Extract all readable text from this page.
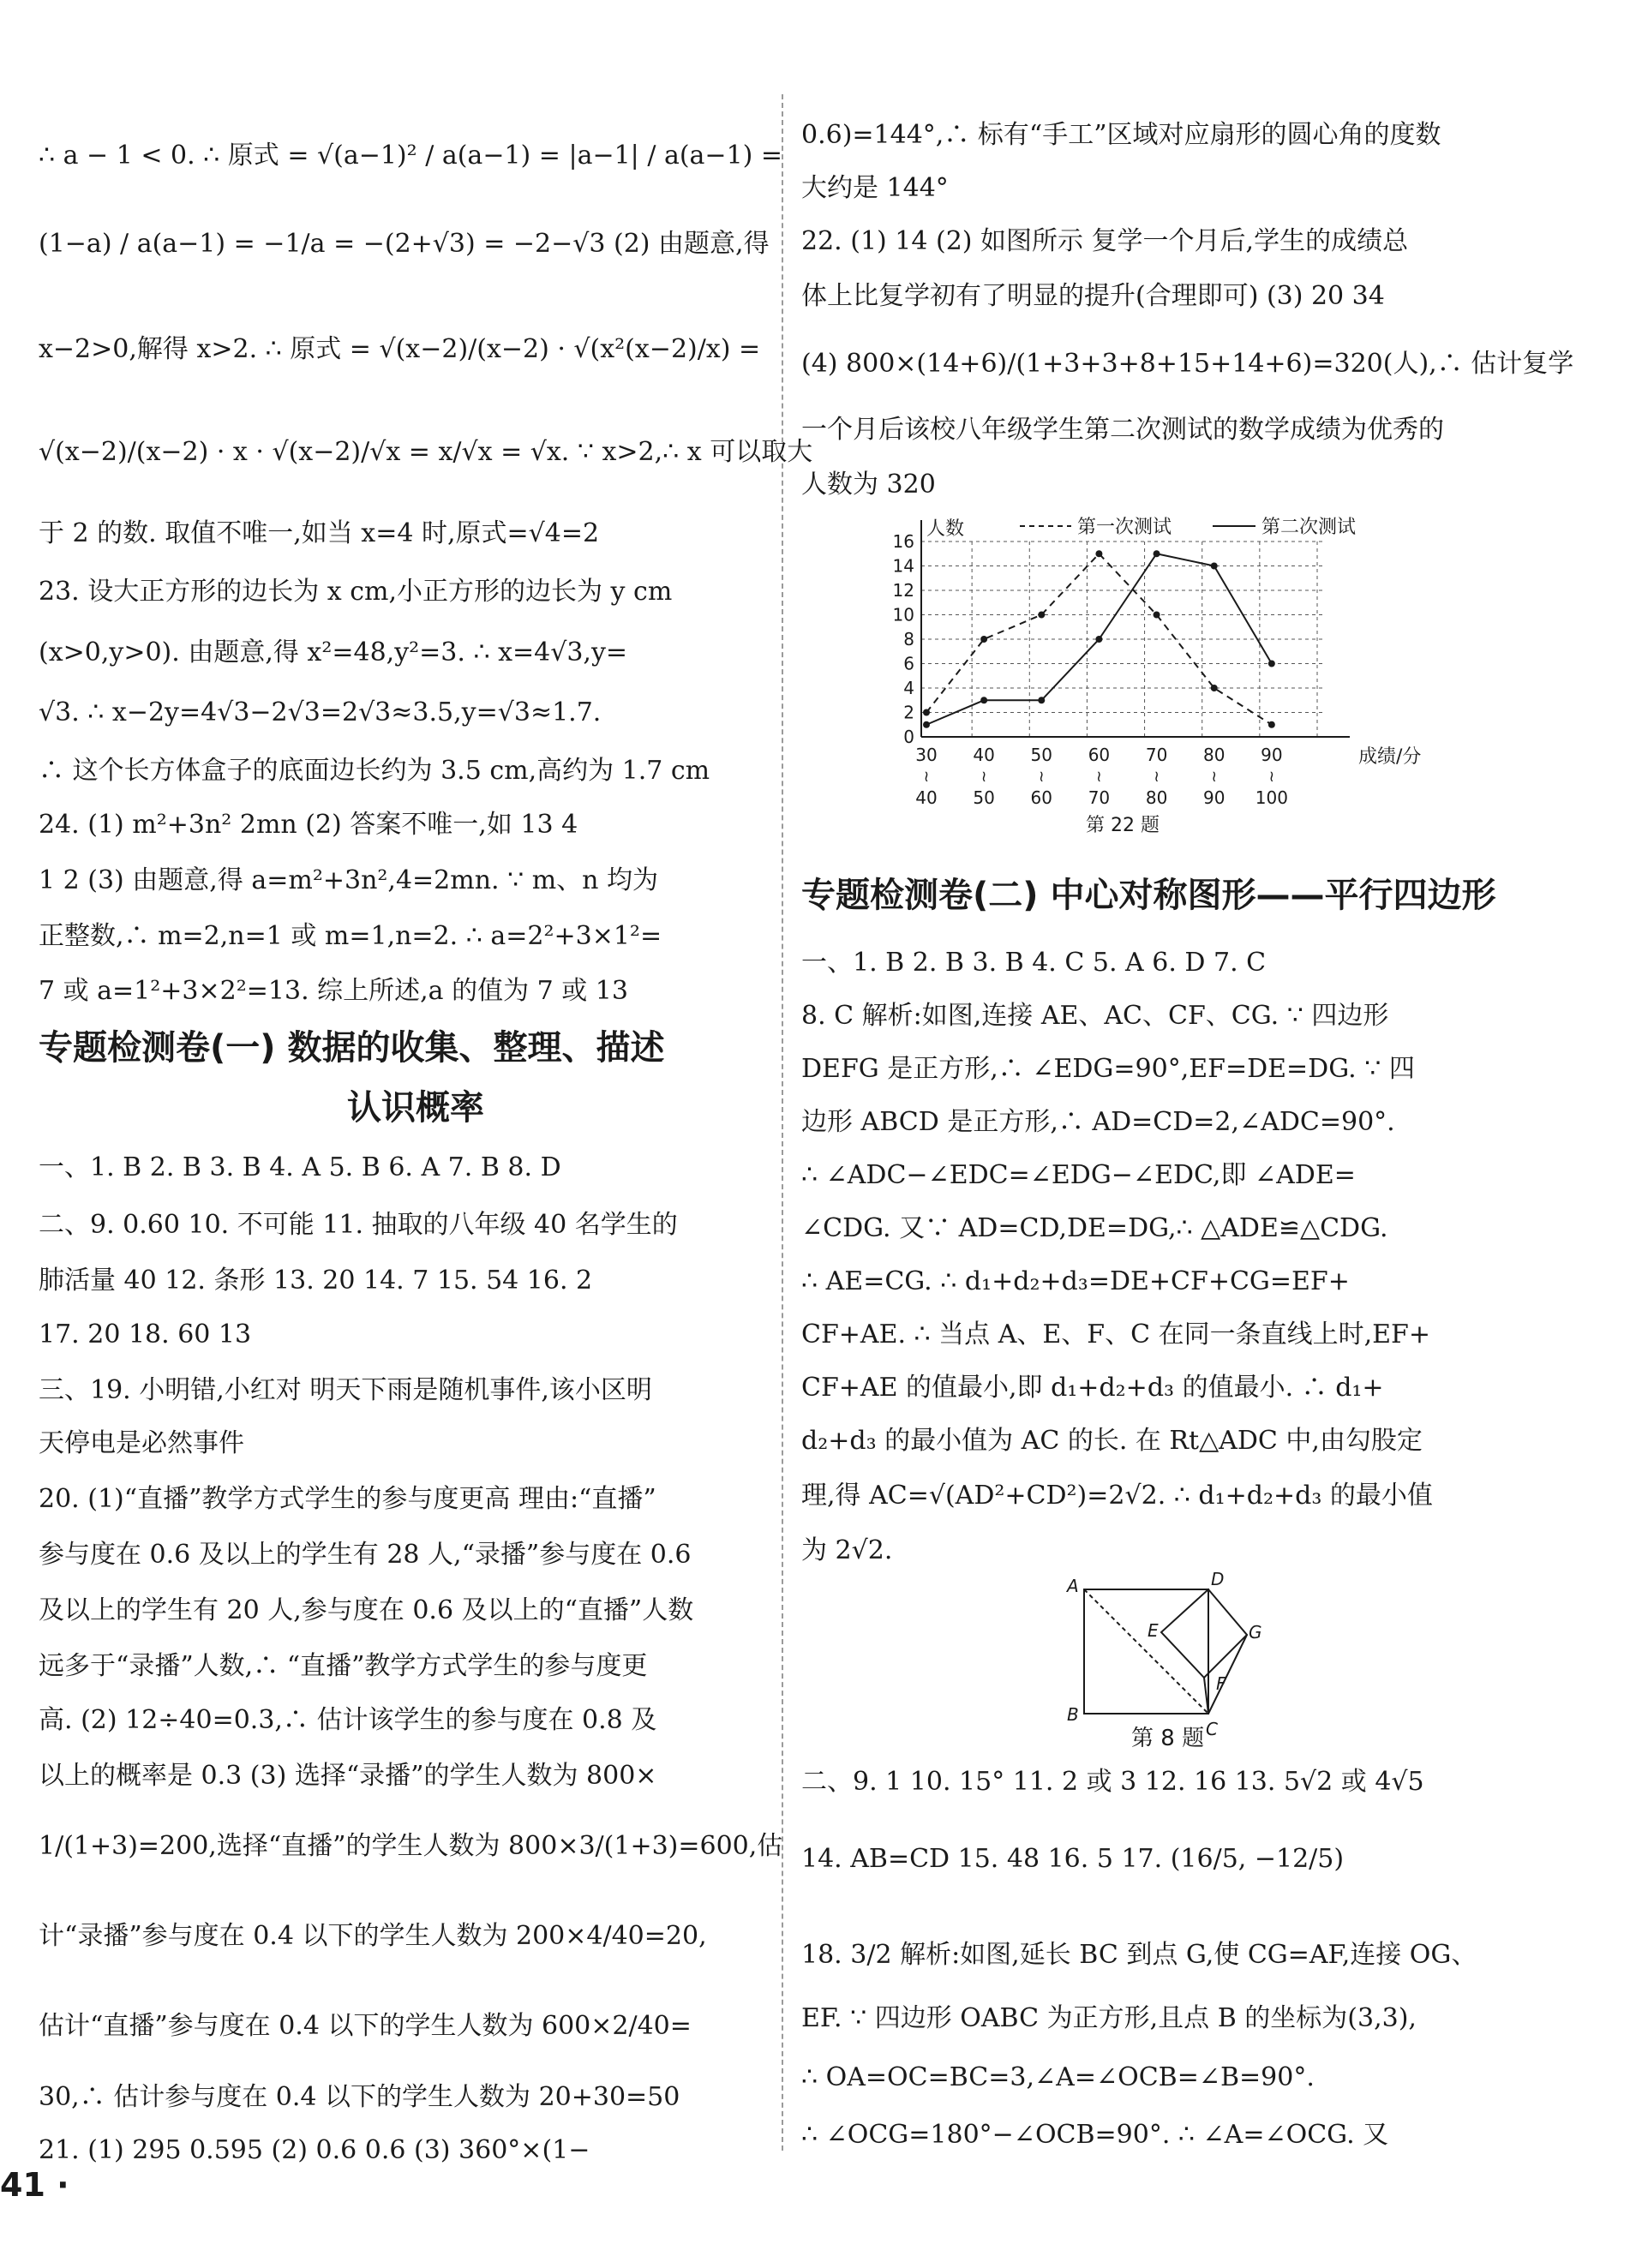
∴ a − 1 < 0. ∴ 原式 = √(a−1)² / a(a−1) = |a−1| / a(a−1) =
(1−a) / a(a−1) = −1/a = −(2+√3) = −2−√3 (2) 由题意,得
x−2>0,解得 x>2. ∴ 原式 = √(x−2)/(x−2) · √(x²(x−2)/x) =
√(x−2)/(x−2) · x · √(x−2)/√x = x/√x = √x. ∵ x>2,∴ x 可以取大
于 2 的数. 取值不唯一,如当 x=4 时,原式=√4=2
23. 设大正方形的边长为 x cm,小正方形的边长为 y cm
(x>0,y>0). 由题意,得 x²=48,y²=3. ∴ x=4√3,y=
√3. ∴ x−2y=4√3−2√3=2√3≈3.5,y=√3≈1.7.
∴ 这个长方体盒子的底面边长约为 3.5 cm,高约为 1.7 cm
24. (1) m²+3n² 2mn (2) 答案不唯一,如 13 4
1 2 (3) 由题意,得 a=m²+3n²,4=2mn. ∵ m、n 均为
正整数,∴ m=2,n=1 或 m=1,n=2. ∴ a=2²+3×1²=
7 或 a=1²+3×2²=13. 综上所述,a 的值为 7 或 13
专题检测卷(一) 数据的收集、整理、描述
认识概率
一、1. B 2. B 3. B 4. A 5. B 6. A 7. B 8. D
二、9. 0.60 10. 不可能 11. 抽取的八年级 40 名学生的
肺活量 40 12. 条形 13. 20 14. 7 15. 54 16. 2
17. 20 18. 60 13
三、19. 小明错,小红对 明天下雨是随机事件,该小区明
天停电是必然事件
20. (1)“直播”教学方式学生的参与度更高 理由:“直播”
参与度在 0.6 及以上的学生有 28 人,“录播”参与度在 0.6
及以上的学生有 20 人,参与度在 0.6 及以上的“直播”人数
远多于“录播”人数,∴ “直播”教学方式学生的参与度更
高. (2) 12÷40=0.3,∴ 估计该学生的参与度在 0.8 及
以上的概率是 0.3 (3) 选择“录播”的学生人数为 800×
1/(1+3)=200,选择“直播”的学生人数为 800×3/(1+3)=600,估
计“录播”参与度在 0.4 以下的学生人数为 200×4/40=20,
估计“直播”参与度在 0.4 以下的学生人数为 600×2/40=
30,∴ 估计参与度在 0.4 以下的学生人数为 20+30=50
21. (1) 295 0.595 (2) 0.6 0.6 (3) 360°×(1−
41 ·
0.6)=144°,∴ 标有“手工”区域对应扇形的圆心角的度数
大约是 144°
22. (1) 14 (2) 如图所示 复学一个月后,学生的成绩总
体上比复学初有了明显的提升(合理即可) (3) 20 34
(4) 800×(14+6)/(1+3+3+8+15+14+6)=320(人),∴ 估计复学
一个月后该校八年级学生第二次测试的数学成绩为优秀的
人数为 320
0
2
4
6
8
10
12
14
16
30
≀
40
40
≀
50
50
≀
60
60
≀
70
70
≀
80
80
≀
90
90
≀
100
人数
成绩/分
第一次测试	第二次测试
第 22 题
专题检测卷(二) 中心对称图形——平行四边形
一、1. B 2. B 3. B 4. C 5. A 6. D 7. C
8. C 解析:如图,连接 AE、AC、CF、CG. ∵ 四边形
DEFG 是正方形,∴ ∠EDG=90°,EF=DE=DG. ∵ 四
边形 ABCD 是正方形,∴ AD=CD=2,∠ADC=90°.
∴ ∠ADC−∠EDC=∠EDG−∠EDC,即 ∠ADE=
∠CDG. 又∵ AD=CD,DE=DG,∴ △ADE≌△CDG.
∴ AE=CG. ∴ d₁+d₂+d₃=DE+CF+CG=EF+
CF+AE. ∴ 当点 A、E、F、C 在同一条直线上时,EF+
CF+AE 的值最小,即 d₁+d₂+d₃ 的值最小. ∴ d₁+
d₂+d₃ 的最小值为 AC 的长. 在 Rt△ADC 中,由勾股定
理,得 AC=√(AD²+CD²)=2√2. ∴ d₁+d₂+d₃ 的最小值
为 2√2.
A
B
C
D
E
F
G
第 8 题
二、9. 1 10. 15° 11. 2 或 3 12. 16 13. 5√2 或 4√5
14. AB=CD 15. 48 16. 5 17. (16/5, −12/5)
18. 3/2 解析:如图,延长 BC 到点 G,使 CG=AF,连接 OG、
EF. ∵ 四边形 OABC 为正方形,且点 B 的坐标为(3,3),
∴ OA=OC=BC=3,∠A=∠OCB=∠B=90°.
∴ ∠OCG=180°−∠OCB=90°. ∴ ∠A=∠OCG. 又
